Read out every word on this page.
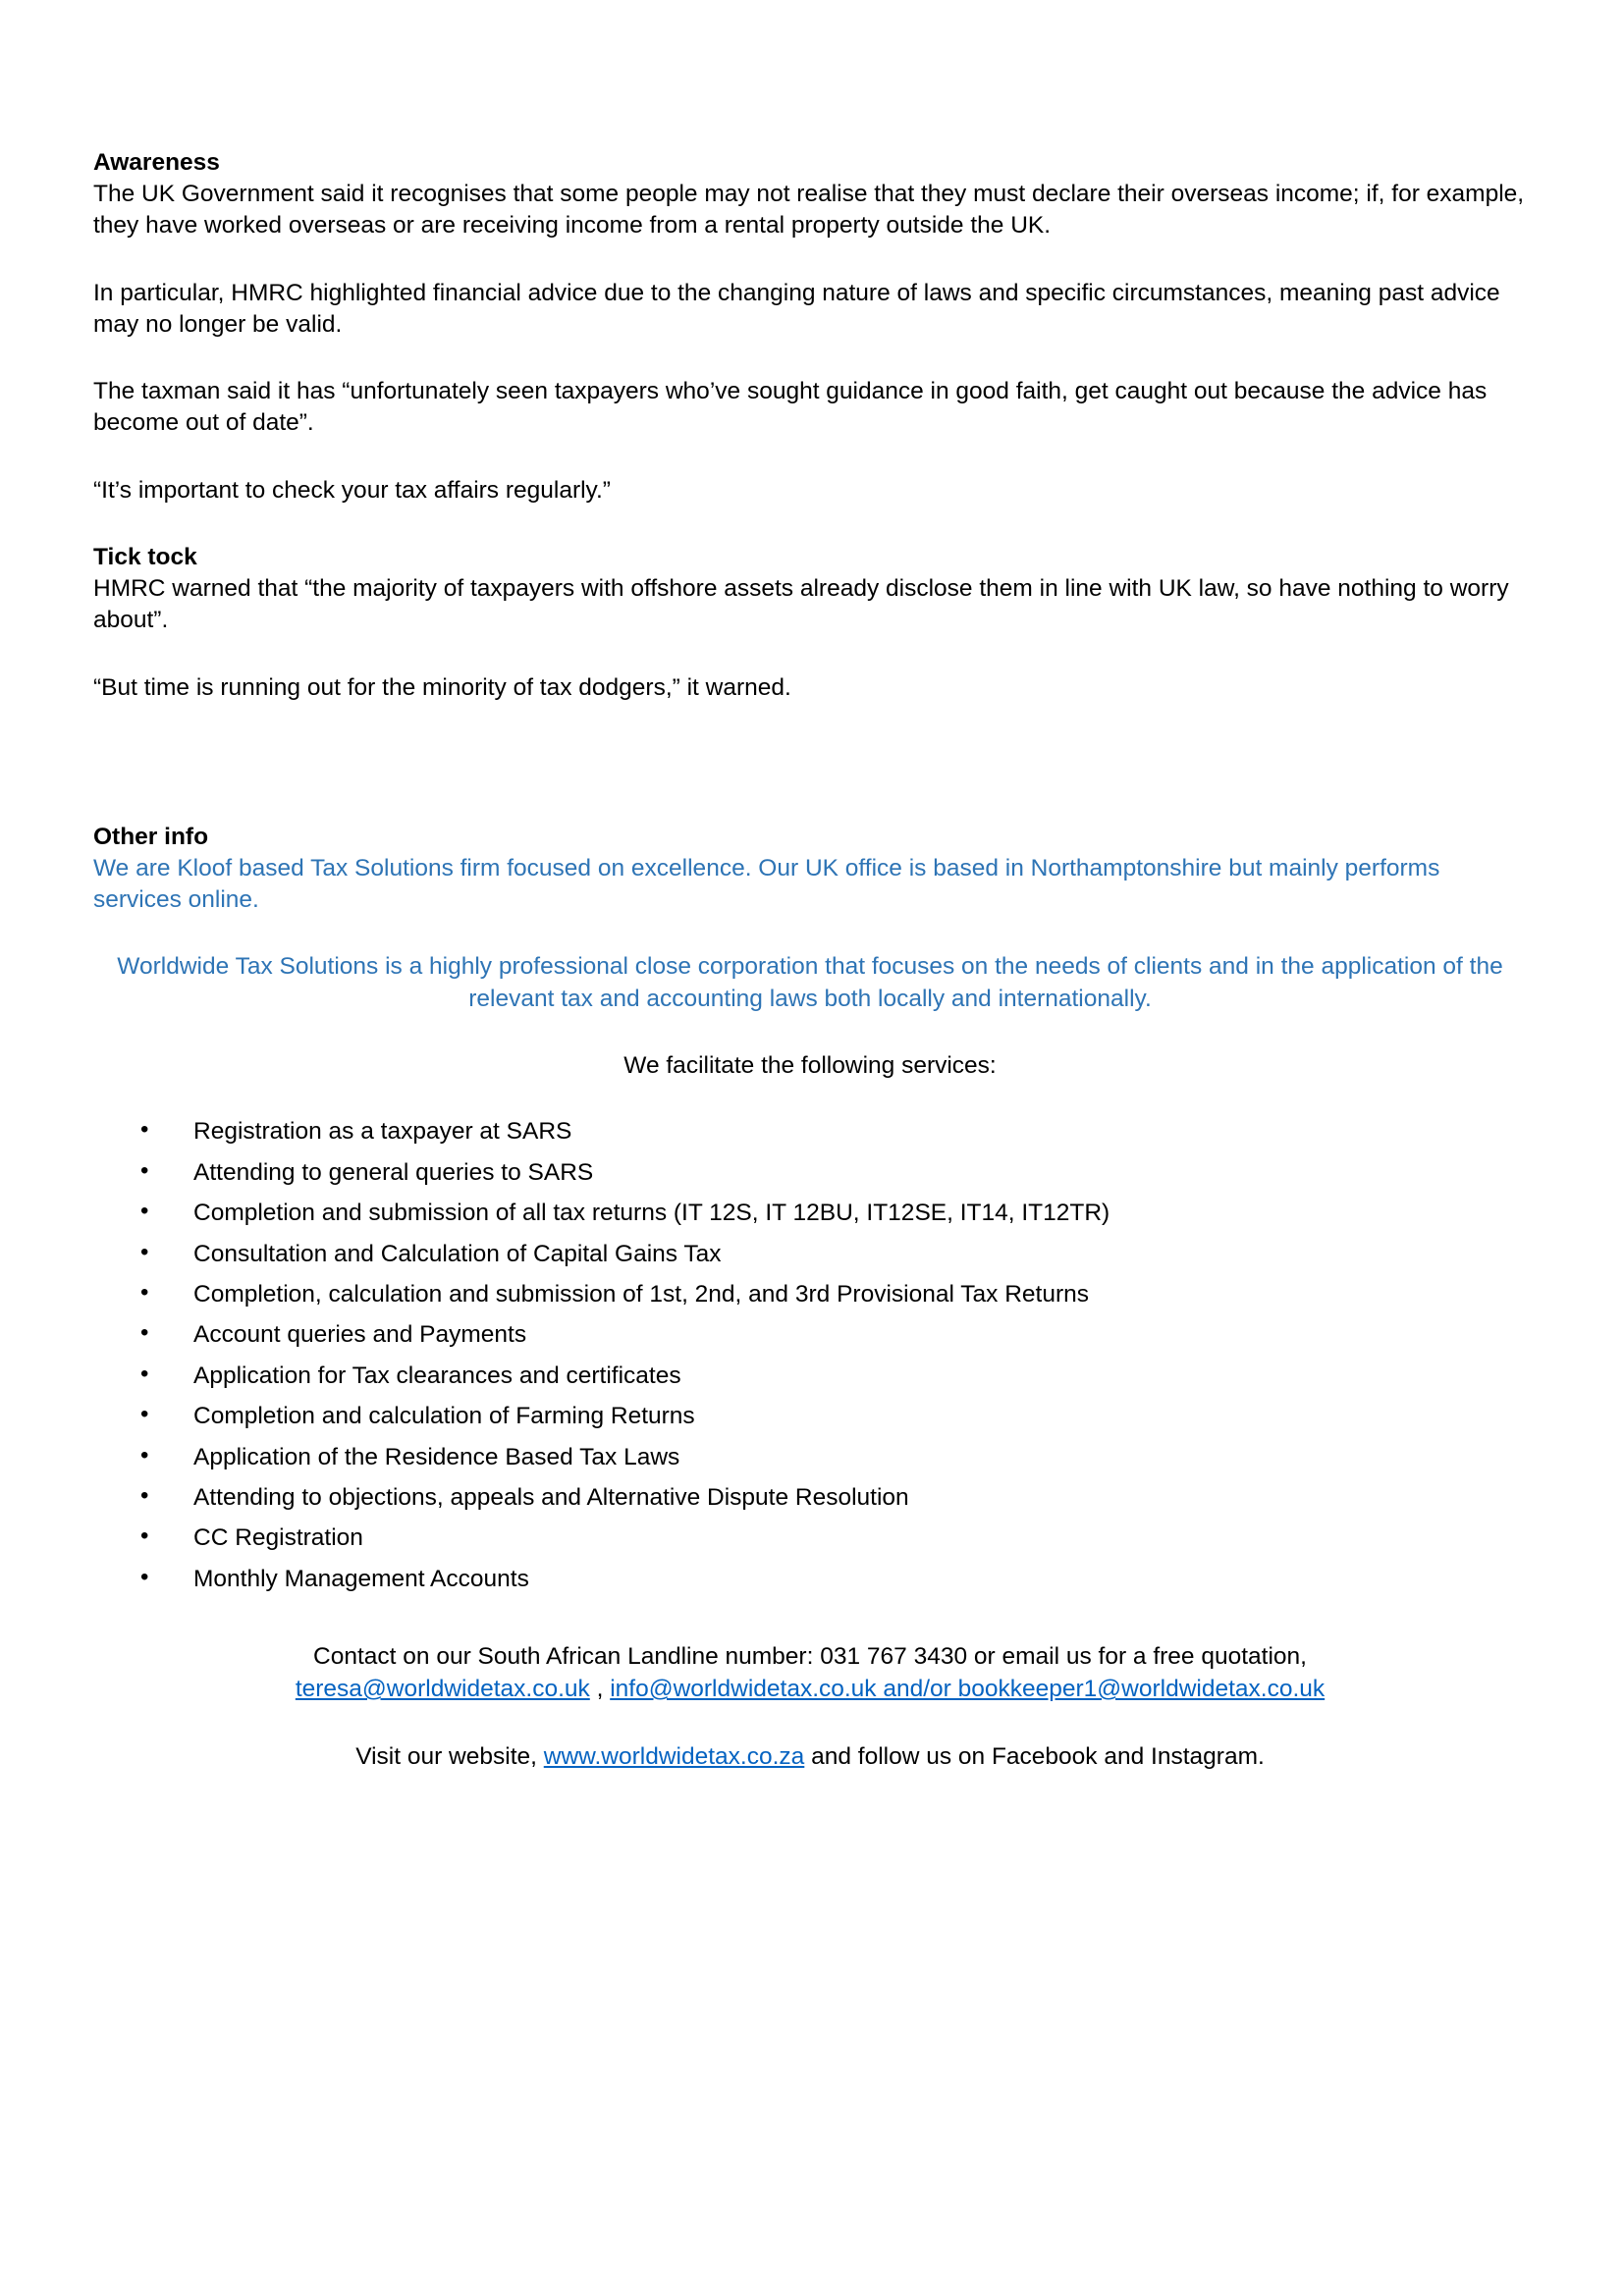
Awareness
The UK Government said it recognises that some people may not realise that they must declare their overseas income; if, for example, they have worked overseas or are receiving income from a rental property outside the UK.
In particular, HMRC highlighted financial advice due to the changing nature of laws and specific circumstances, meaning past advice may no longer be valid.
The taxman said it has “unfortunately seen taxpayers who’ve sought guidance in good faith, get caught out because the advice has become out of date”.
“It’s important to check your tax affairs regularly.”
Tick tock
HMRC warned that “the majority of taxpayers with offshore assets already disclose them in line with UK law, so have nothing to worry about”.
“But time is running out for the minority of tax dodgers,” it warned.
Other info
We are Kloof based Tax Solutions firm focused on excellence. Our UK office is based in Northamptonshire but mainly performs services online.
Worldwide Tax Solutions is a highly professional close corporation that focuses on the needs of clients and in the application of the relevant tax and accounting laws both locally and internationally.
We facilitate the following services:
• Registration as a taxpayer at SARS
• Attending to general queries to SARS
• Completion and submission of all tax returns (IT 12S, IT 12BU, IT12SE, IT14, IT12TR)
• Consultation and Calculation of Capital Gains Tax
• Completion, calculation and submission of 1st, 2nd, and 3rd Provisional Tax Returns
• Account queries and Payments
• Application for Tax clearances and certificates
• Completion and calculation of Farming Returns
• Application of the Residence Based Tax Laws
• Attending to objections, appeals and Alternative Dispute Resolution
• CC Registration
• Monthly Management Accounts
Contact on our South African Landline number: 031 767 3430 or email us for a free quotation,
teresa@worldwidetax.co.uk , info@worldwidetax.co.uk and/or bookkeeper1@worldwidetax.co.uk
Visit our website, www.worldwidetax.co.za and follow us on Facebook and Instagram.
